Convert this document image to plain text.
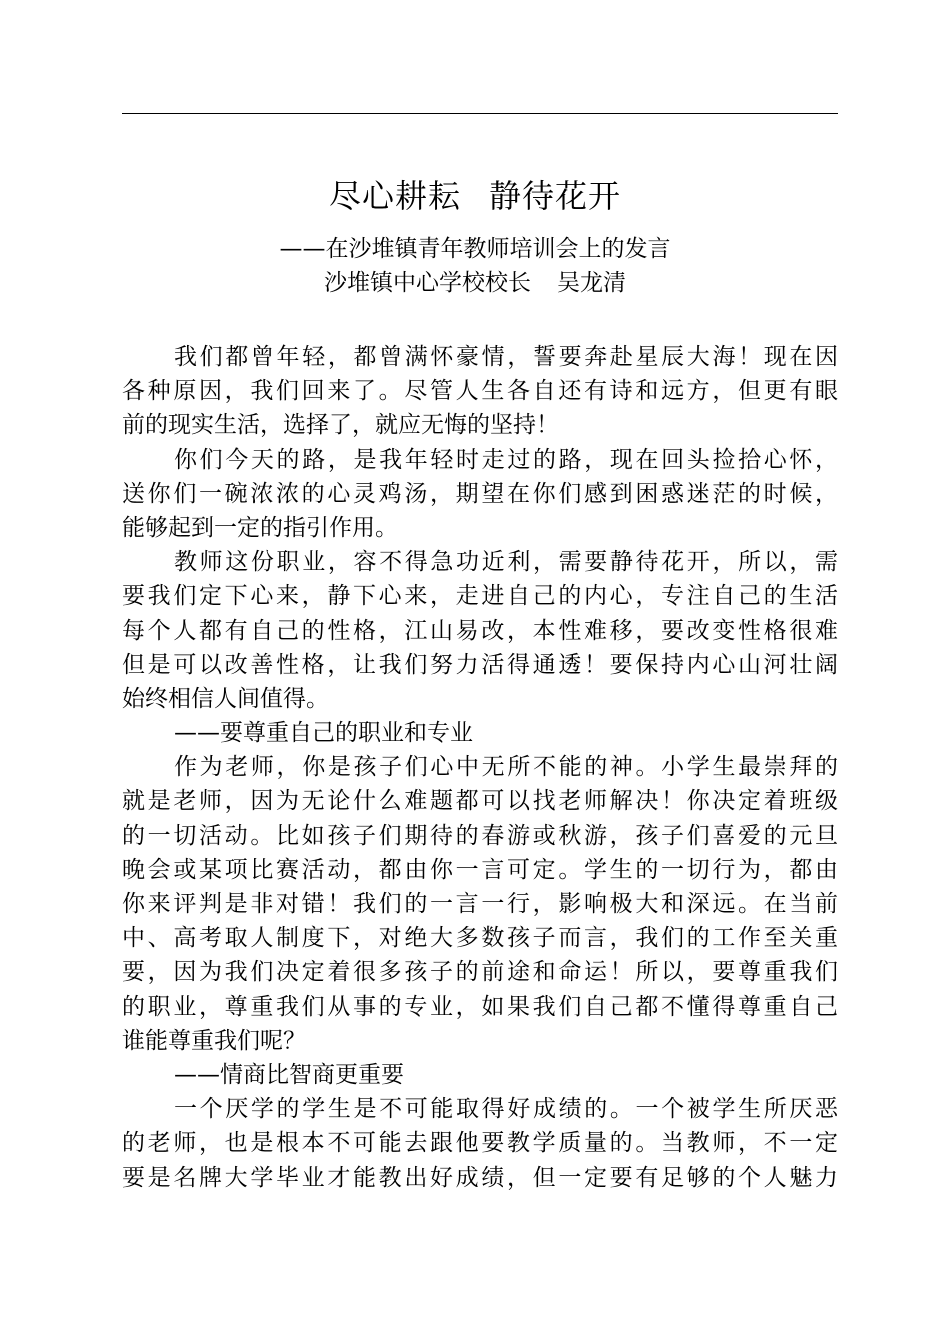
尽心耕耘 静待花开
——在沙堆镇青年教师培训会上的发言
沙堆镇中心学校校长 吴龙清
我们都曾年轻，都曾满怀豪情，誓要奔赴星辰大海！现在因
各种原因，我们回来了。尽管人生各自还有诗和远方，但更有眼
前的现实生活，选择了，就应无悔的坚持！
你们今天的路，是我年轻时走过的路，现在回头捡拾心怀，
送你们一碗浓浓的心灵鸡汤，期望在你们感到困惑迷茫的时候，
能够起到一定的指引作用。
教师这份职业，容不得急功近利，需要静待花开，所以，需
要我们定下心来，静下心来，走进自己的内心，专注自己的生活
每个人都有自己的性格，江山易改，本性难移，要改变性格很难
但是可以改善性格，让我们努力活得通透！要保持内心山河壮阔
始终相信人间值得。
——要尊重自己的职业和专业
作为老师，你是孩子们心中无所不能的神。小学生最崇拜的
就是老师，因为无论什么难题都可以找老师解决！你决定着班级
的一切活动。比如孩子们期待的春游或秋游，孩子们喜爱的元旦
晚会或某项比赛活动，都由你一言可定。学生的一切行为，都由
你来评判是非对错！我们的一言一行，影响极大和深远。在当前
中、高考取人制度下，对绝大多数孩子而言，我们的工作至关重
要，因为我们决定着很多孩子的前途和命运！所以，要尊重我们
的职业，尊重我们从事的专业，如果我们自己都不懂得尊重自己
谁能尊重我们呢？
——情商比智商更重要
一个厌学的学生是不可能取得好成绩的。一个被学生所厌恶
的老师，也是根本不可能去跟他要教学质量的。当教师，不一定
要是名牌大学毕业才能教出好成绩，但一定要有足够的个人魅力
